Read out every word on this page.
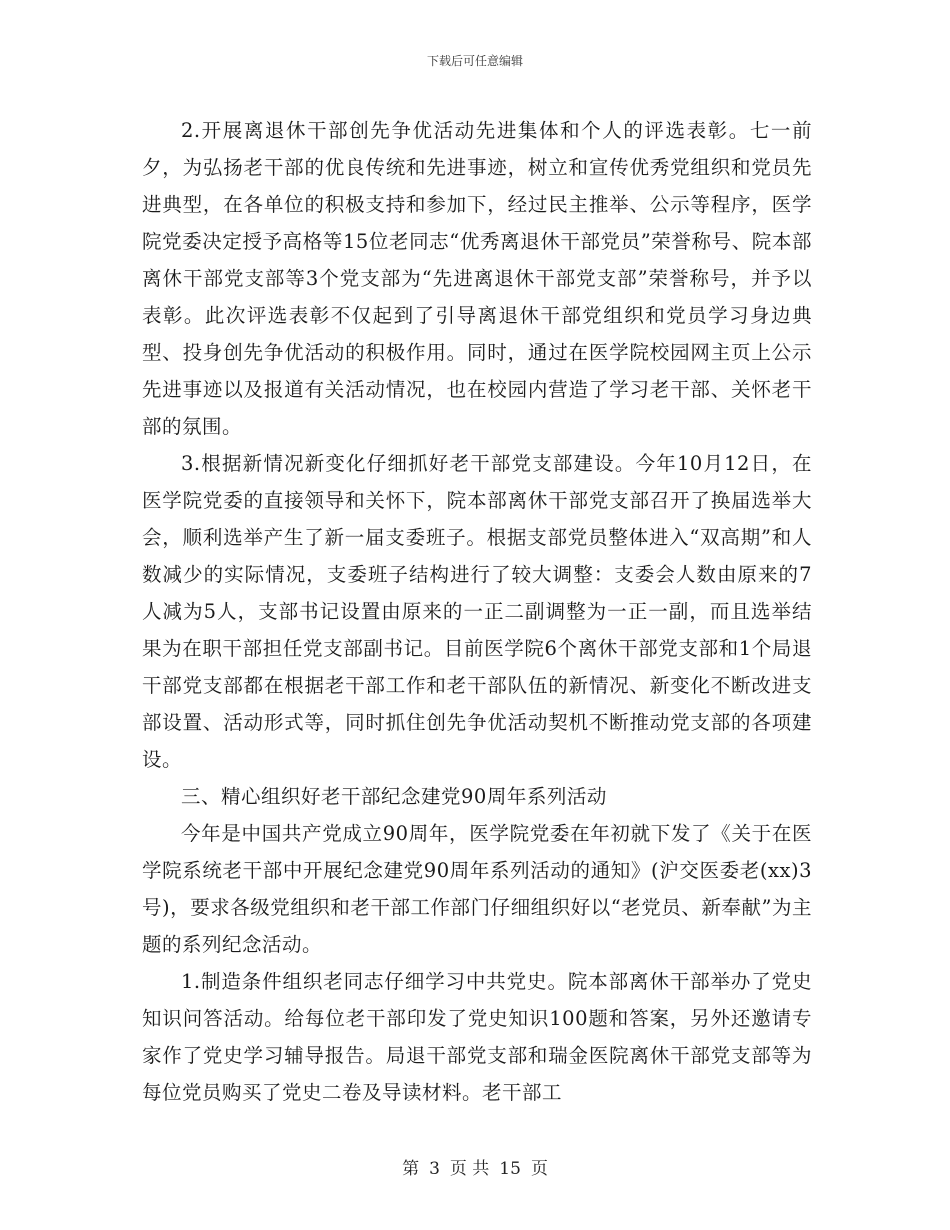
下载后可任意编辑

2.开展离退休干部创先争优活动先进集体和个人的评选表彰。七一前夕，为弘扬老干部的优良传统和先进事迹，树立和宣传优秀党组织和党员先进典型，在各单位的积极支持和参加下，经过民主推举、公示等程序，医学院党委决定授予高格等15位老同志“优秀离退休干部党员”荣誉称号、院本部离休干部党支部等3个党支部为“先进离退休干部党支部”荣誉称号，并予以表彰。此次评选表彰不仅起到了引导离退休干部党组织和党员学习身边典型、投身创先争优活动的积极作用。同时，通过在医学院校园网主页上公示先进事迹以及报道有关活动情况，也在校园内营造了学习老干部、关怀老干部的氛围。

3.根据新情况新变化仔细抓好老干部党支部建设。今年10月12日，在医学院党委的直接领导和关怀下，院本部离休干部党支部召开了换届选举大会，顺利选举产生了新一届支委班子。根据支部党员整体进入“双高期”和人数减少的实际情况，支委班子结构进行了较大调整：支委会人数由原来的7人减为5人，支部书记设置由原来的一正二副调整为一正一副，而且选举结果为在职干部担任党支部副书记。目前医学院6个离休干部党支部和1个局退干部党支部都在根据老干部工作和老干部队伍的新情况、新变化不断改进支部设置、活动形式等，同时抓住创先争优活动契机不断推动党支部的各项建设。

三、精心组织好老干部纪念建党90周年系列活动

今年是中国共产党成立90周年，医学院党委在年初就下发了《关于在医学院系统老干部中开展纪念建党90周年系列活动的通知》(沪交医委老(xx)3号)，要求各级党组织和老干部工作部门仔细组织好以“老党员、新奉献”为主题的系列纪念活动。

1.制造条件组织老同志仔细学习中共党史。院本部离休干部举办了党史知识问答活动。给每位老干部印发了党史知识100题和答案，另外还邀请专家作了党史学习辅导报告。局退干部党支部和瑞金医院离休干部党支部等为每位党员购买了党史二卷及导读材料。老干部工

第 3 页 共 15 页
